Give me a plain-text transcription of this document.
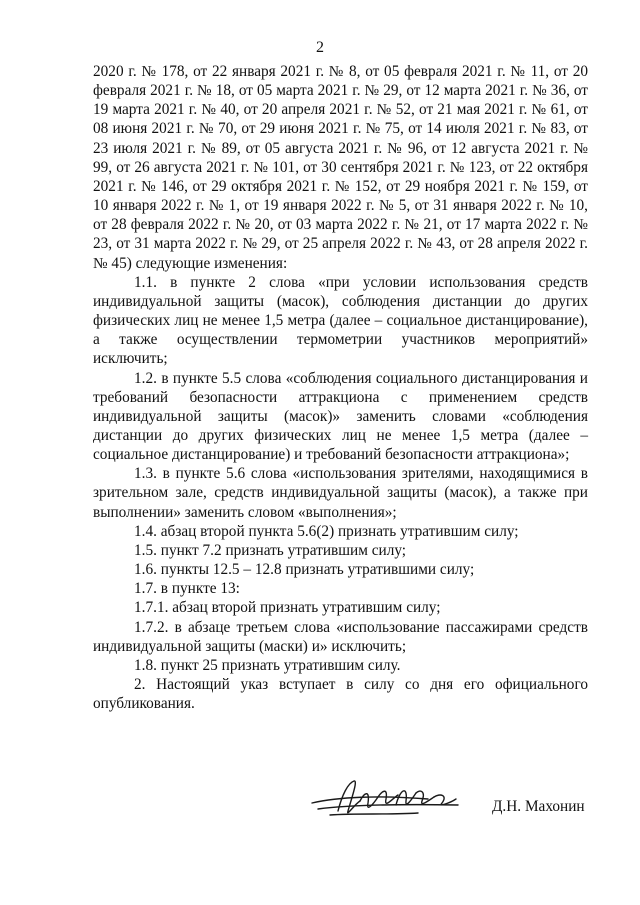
2

2020 г. № 178, от 22 января 2021 г. № 8, от 05 февраля 2021 г. № 11, от 20 февраля 2021 г. № 18, от 05 марта 2021 г. № 29, от 12 марта 2021 г. № 36, от 19 марта 2021 г. № 40, от 20 апреля 2021 г. № 52, от 21 мая 2021 г. № 61, от 08 июня 2021 г. № 70, от 29 июня 2021 г. № 75, от 14 июля 2021 г. № 83, от 23 июля 2021 г. № 89, от 05 августа 2021 г. № 96, от 12 августа 2021 г. № 99, от 26 августа 2021 г. № 101, от 30 сентября 2021 г. № 123, от 22 октября 2021 г. № 146, от 29 октября 2021 г. № 152, от 29 ноября 2021 г. № 159, от 10 января 2022 г. № 1, от 19 января 2022 г. № 5, от 31 января 2022 г. № 10, от 28 февраля 2022 г. № 20, от 03 марта 2022 г. № 21, от 17 марта 2022 г. № 23, от 31 марта 2022 г. № 29, от 25 апреля 2022 г. № 43, от 28 апреля 2022 г. № 45) следующие изменения:

1.1. в пункте 2 слова «при условии использования средств индивидуальной защиты (масок), соблюдения дистанции до других физических лиц не менее 1,5 метра (далее – социальное дистанцирование), а также осуществлении термометрии участников мероприятий» исключить;

1.2. в пункте 5.5 слова «соблюдения социального дистанцирования и требований безопасности аттракциона с применением средств индивидуальной защиты (масок)» заменить словами «соблюдения дистанции до других физических лиц не менее 1,5 метра (далее – социальное дистанцирование) и требований безопасности аттракциона»;

1.3. в пункте 5.6 слова «использования зрителями, находящимися в зрительном зале, средств индивидуальной защиты (масок), а также при выполнении» заменить словом «выполнения»;

1.4. абзац второй пункта 5.6(2) признать утратившим силу;

1.5. пункт 7.2 признать утратившим силу;

1.6. пункты 12.5 – 12.8 признать утратившими силу;

1.7. в пункте 13:

1.7.1. абзац второй признать утратившим силу;

1.7.2. в абзаце третьем слова «использование пассажирами средств индивидуальной защиты (маски) и» исключить;

1.8. пункт 25 признать утратившим силу.

2. Настоящий указ вступает в силу со дня его официального опубликования.

Д.Н. Махонин
